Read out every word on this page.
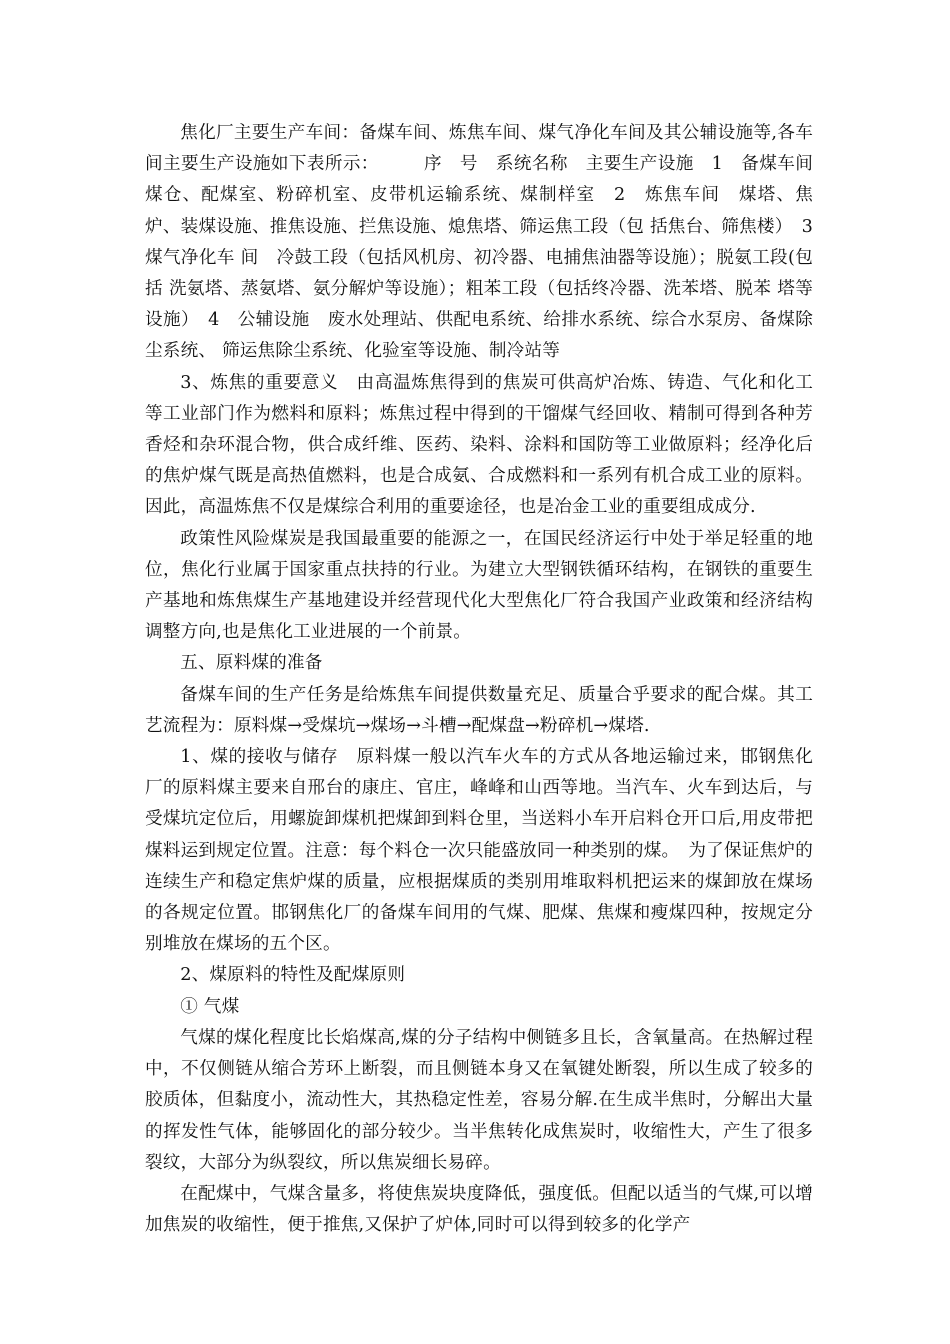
焦化厂主要生产车间：备煤车间、炼焦车间、煤气净化车间及其公辅设施等,各车间主要生产设施如下表所示：　　　序　号　系统名称　主要生产设施　1　备煤车间　煤仓、配煤室、粉碎机室、皮带机运输系统、煤制样室　2　炼焦车间　煤塔、焦炉、装煤设施、推焦设施、拦焦设施、熄焦塔、筛运焦工段（包 括焦台、筛焦楼）　3 煤气净化车 间　冷鼓工段（包括风机房、初冷器、电捕焦油器等设施）；脱氨工段(包括 洗氨塔、蒸氨塔、氨分解炉等设施）；粗苯工段（包括终冷器、洗苯塔、脱苯 塔等设施）　4　公辅设施　废水处理站、供配电系统、给排水系统、综合水泵房、备煤除尘系统、 筛运焦除尘系统、化验室等设施、制冷站等

3、炼焦的重要意义　由高温炼焦得到的焦炭可供高炉冶炼、铸造、气化和化工等工业部门作为燃料和原料；炼焦过程中得到的干馏煤气经回收、精制可得到各种芳香烃和杂环混合物，供合成纤维、医药、染料、涂料和国防等工业做原料；经净化后的焦炉煤气既是高热值燃料，也是合成氨、合成燃料和一系列有机合成工业的原料。因此，高温炼焦不仅是煤综合利用的重要途径，也是冶金工业的重要组成成分.

政策性风险煤炭是我国最重要的能源之一，在国民经济运行中处于举足轻重的地位，焦化行业属于国家重点扶持的行业。为建立大型钢铁循环结构，在钢铁的重要生产基地和炼焦煤生产基地建设并经营现代化大型焦化厂符合我国产业政策和经济结构调整方向,也是焦化工业进展的一个前景。

五、原料煤的准备

备煤车间的生产任务是给炼焦车间提供数量充足、质量合乎要求的配合煤。其工艺流程为：原料煤→受煤坑→煤场→斗槽→配煤盘→粉碎机→煤塔.

1、煤的接收与储存　原料煤一般以汽车火车的方式从各地运输过来，邯钢焦化厂的原料煤主要来自邢台的康庄、官庄，峰峰和山西等地。当汽车、火车到达后，与受煤坑定位后，用螺旋卸煤机把煤卸到料仓里，当送料小车开启料仓开口后,用皮带把煤料运到规定位置。注意：每个料仓一次只能盛放同一种类别的煤。　为了保证焦炉的连续生产和稳定焦炉煤的质量，应根据煤质的类别用堆取料机把运来的煤卸放在煤场的各规定位置。邯钢焦化厂的备煤车间用的气煤、肥煤、焦煤和瘦煤四种，按规定分别堆放在煤场的五个区。

2、煤原料的特性及配煤原则

① 气煤

气煤的煤化程度比长焰煤高,煤的分子结构中侧链多且长，含氧量高。在热解过程中，不仅侧链从缩合芳环上断裂，而且侧链本身又在氧键处断裂，所以生成了较多的胶质体，但黏度小，流动性大，其热稳定性差，容易分解.在生成半焦时，分解出大量的挥发性气体，能够固化的部分较少。当半焦转化成焦炭时，收缩性大，产生了很多裂纹，大部分为纵裂纹，所以焦炭细长易碎。

在配煤中，气煤含量多，将使焦炭块度降低，强度低。但配以适当的气煤,可以增加焦炭的收缩性，便于推焦,又保护了炉体,同时可以得到较多的化学产
